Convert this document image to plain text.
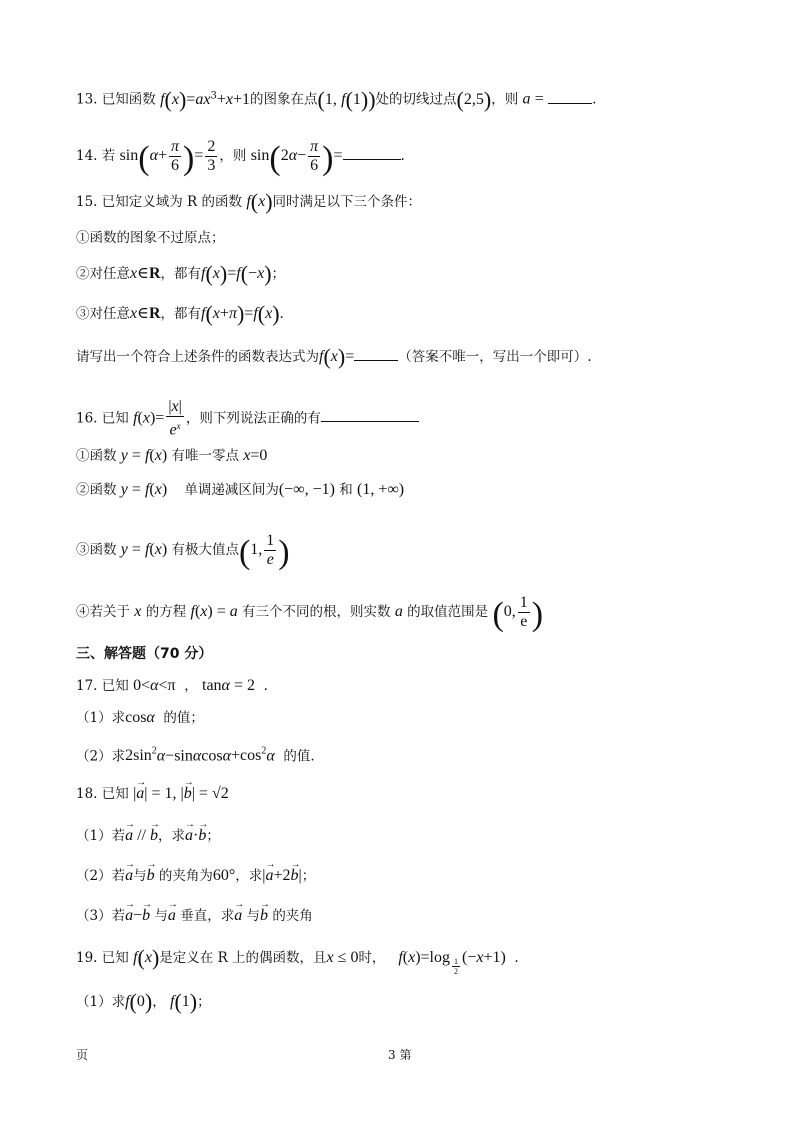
13. 已知函数 $f(x)=ax^3+x+1$的图象在点(1, f(1))处的切线过点(2,5)，则 a =	.
14. 若 $\sin(\alpha+ \frac{\pi}{6}$ )= $\frac{2}{3}$ ，则 $\sin(2\alpha- \frac{\pi}{6}$ )=	.
15. 已知定义域为 R 的函数 f(x)同时满足以下三个条件：
①函数的图象不过原点；
②对任意x∈R，都有f(x)=f(−x)；
③对任意x∈R，都有f(x+π)=f(x).
请写出一个符合上述条件的函数表达式为f(x)=	（答案不唯一，写出一个即可）.
16. 已知 $f(x)= \frac{|x|}{e^x}$ ，则下列说法正确的有
①函数 y = f(x) 有唯一零点 x=0
②函数 y = f(x) 单调递减区间为(−∞, −1) 和 (1, +∞)
③函数 y = f(x) 有极大值点(1, $\frac{1}{e}$ )
④若关于 x 的方程 f(x) = a 有三个不同的根，则实数 a 的取值范围是 (0, $\frac{1}{e}$ )
三、解答题（70 分）
17. 已知 0<α<π  ， tanα = 2  .
（1）求cosα 的值；
（2）求$2\sin^2\alpha-\sin\alpha\cos\alpha+\cos^2\alpha$ 的值.
18. 已知 |→ a| = 1, |→ b| = √2
（1）若→ a // → b，求→ a·→ b；
（2）若→ a与→ b 的夹角为60°，求|→ a+2→ b|；
（3）若→ a−→ b 与→ a 垂直，求→ a 与→ b 的夹角
19. 已知 f(x)是定义在 R 上的偶函数，且x ≤ 0时， f(x)=log $_{\frac{1}{2}}$ (−x+1)  .
（1）求f(0)， f(1)；
页	3 第
